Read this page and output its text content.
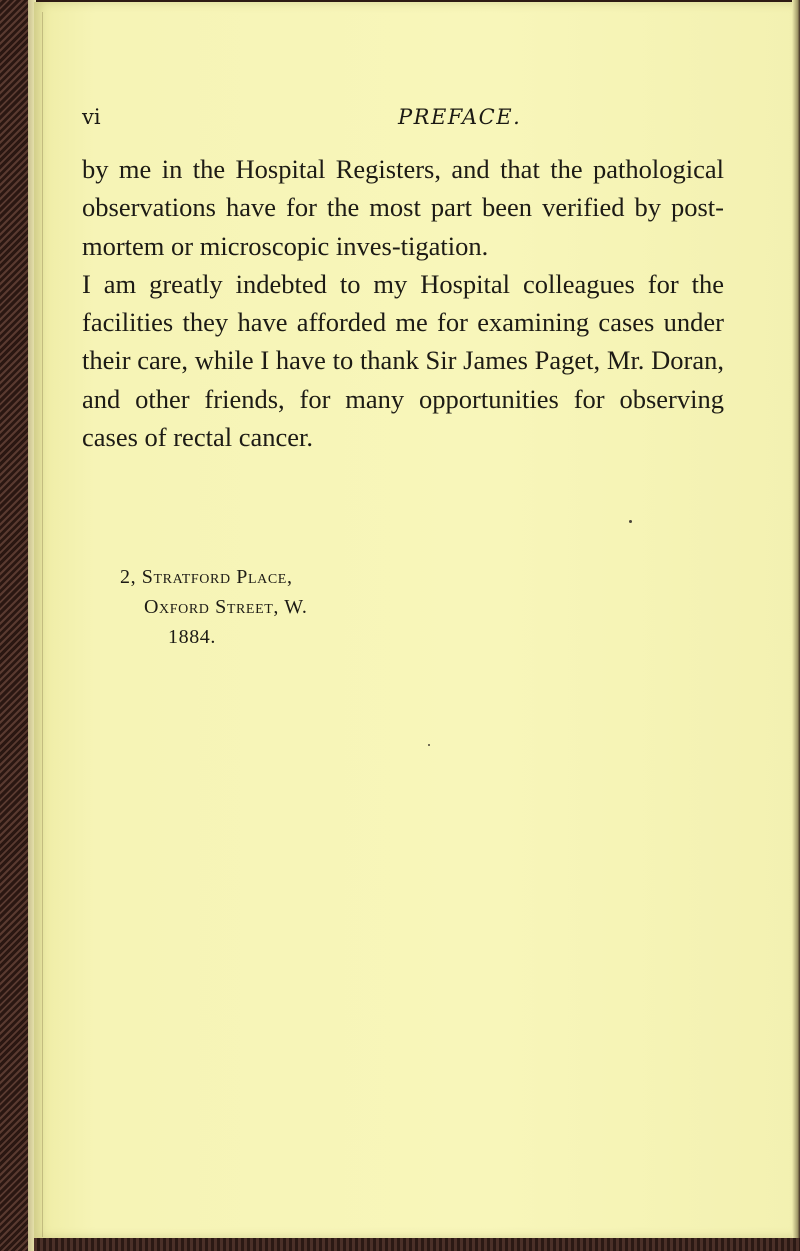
vi	PREFACE.

by me in the Hospital Registers, and that the pathological observations have for the most part been verified by post-mortem or microscopic inves-tigation.

I am greatly indebted to my Hospital colleagues for the facilities they have afforded me for examining cases under their care, while I have to thank Sir James Paget, Mr. Doran, and other friends, for many opportunities for observing cases of rectal cancer.

2, Stratford Place,
Oxford Street, W.
1884.
